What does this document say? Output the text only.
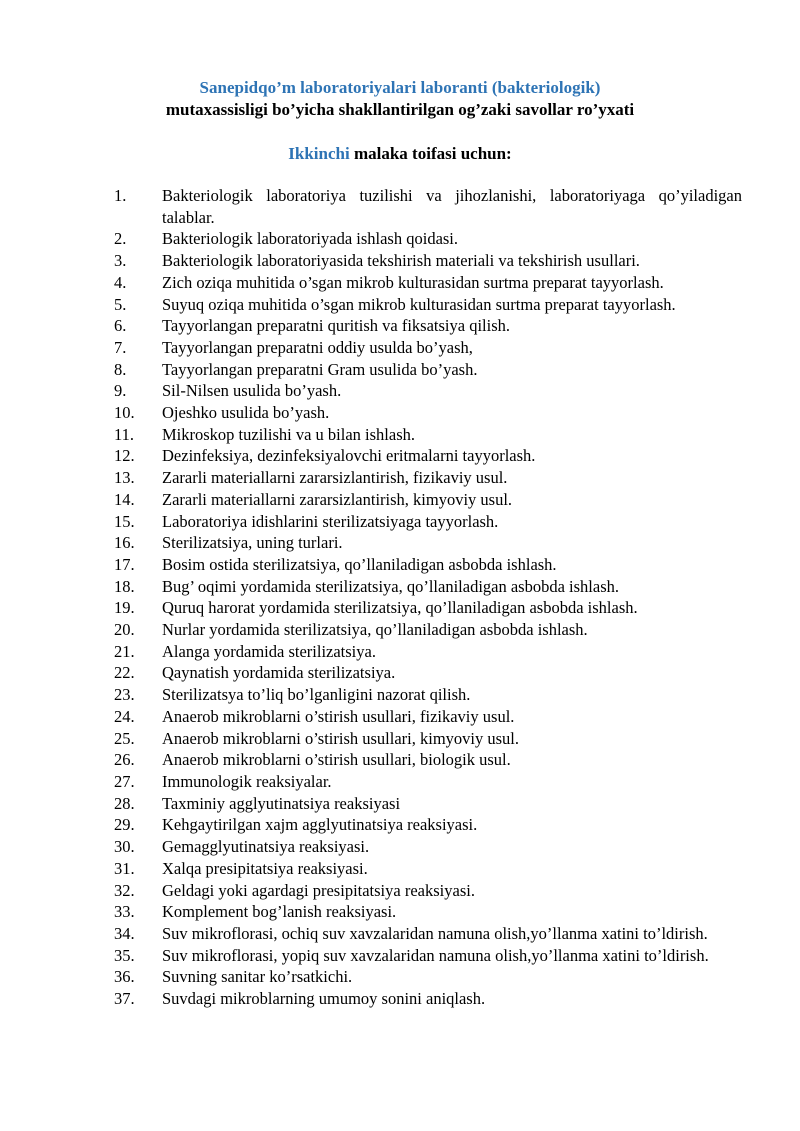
Sanepidqo’m laboratoriyalari laboranti (bakteriologik)
mutaxassisligi bo’yicha shakllantirilgan og’zaki savollar ro’yxati
Ikkinchi malaka toifasi uchun:
1. Bakteriologik laboratoriya tuzilishi va jihozlanishi, laboratoriyaga qo’yiladigan talablar.
2. Bakteriologik laboratoriyada ishlash qoidasi.
3. Bakteriologik laboratoriyasida tekshirish materiali va tekshirish usullari.
4. Zich oziqa muhitida o’sgan mikrob kulturasidan surtma preparat tayyorlash.
5. Suyuq oziqa muhitida o’sgan mikrob kulturasidan surtma preparat tayyorlash.
6. Tayyorlangan preparatni quritish va fiksatsiya qilish.
7. Tayyorlangan preparatni oddiy usulda bo’yash,
8. Tayyorlangan preparatni Gram usulida bo’yash.
9. Sil-Nilsen usulida bo’yash.
10. Ojeshko usulida bo’yash.
11. Mikroskop tuzilishi va u bilan ishlash.
12. Dezinfeksiya, dezinfeksiyalovchi eritmalarni tayyorlash.
13. Zararli materiallarni zararsizlantirish, fizikaviy usul.
14. Zararli materiallarni zararsizlantirish, kimyoviy usul.
15. Laboratoriya idishlarini sterilizatsiyaga tayyorlash.
16. Sterilizatsiya, uning turlari.
17. Bosim ostida sterilizatsiya, qo’llaniladigan asbobda ishlash.
18. Bug’ oqimi yordamida sterilizatsiya, qo’llaniladigan asbobda ishlash.
19. Quruq harorat yordamida sterilizatsiya, qo’llaniladigan asbobda ishlash.
20. Nurlar yordamida sterilizatsiya, qo’llaniladigan asbobda ishlash.
21. Alanga yordamida sterilizatsiya.
22. Qaynatish yordamida sterilizatsiya.
23. Sterilizatsya to’liq bo’lganligini nazorat qilish.
24. Anaerob mikroblarni o’stirish usullari, fizikaviy usul.
25. Anaerob mikroblarni o’stirish usullari, kimyoviy usul.
26. Anaerob mikroblarni o’stirish usullari, biologik usul.
27. Immunologik reaksiyalar.
28. Taxminiy agglyutinatsiya reaksiyasi
29. Kehgaytirilgan xajm agglyutinatsiya reaksiyasi.
30. Gemagglyutinatsiya reaksiyasi.
31. Xalqa presipitatsiya reaksiyasi.
32. Geldagi yoki agardagi presipitatsiya reaksiyasi.
33. Komplement bog’lanish reaksiyasi.
34. Suv mikroflorasi, ochiq suv xavzalaridan namuna olish,yo’llanma xatini to’ldirish.
35. Suv mikroflorasi, yopiq suv xavzalaridan namuna olish,yo’llanma xatini to’ldirish.
36. Suvning sanitar ko’rsatkichi.
37. Suvdagi mikroblarning umumoy sonini aniqlash.
